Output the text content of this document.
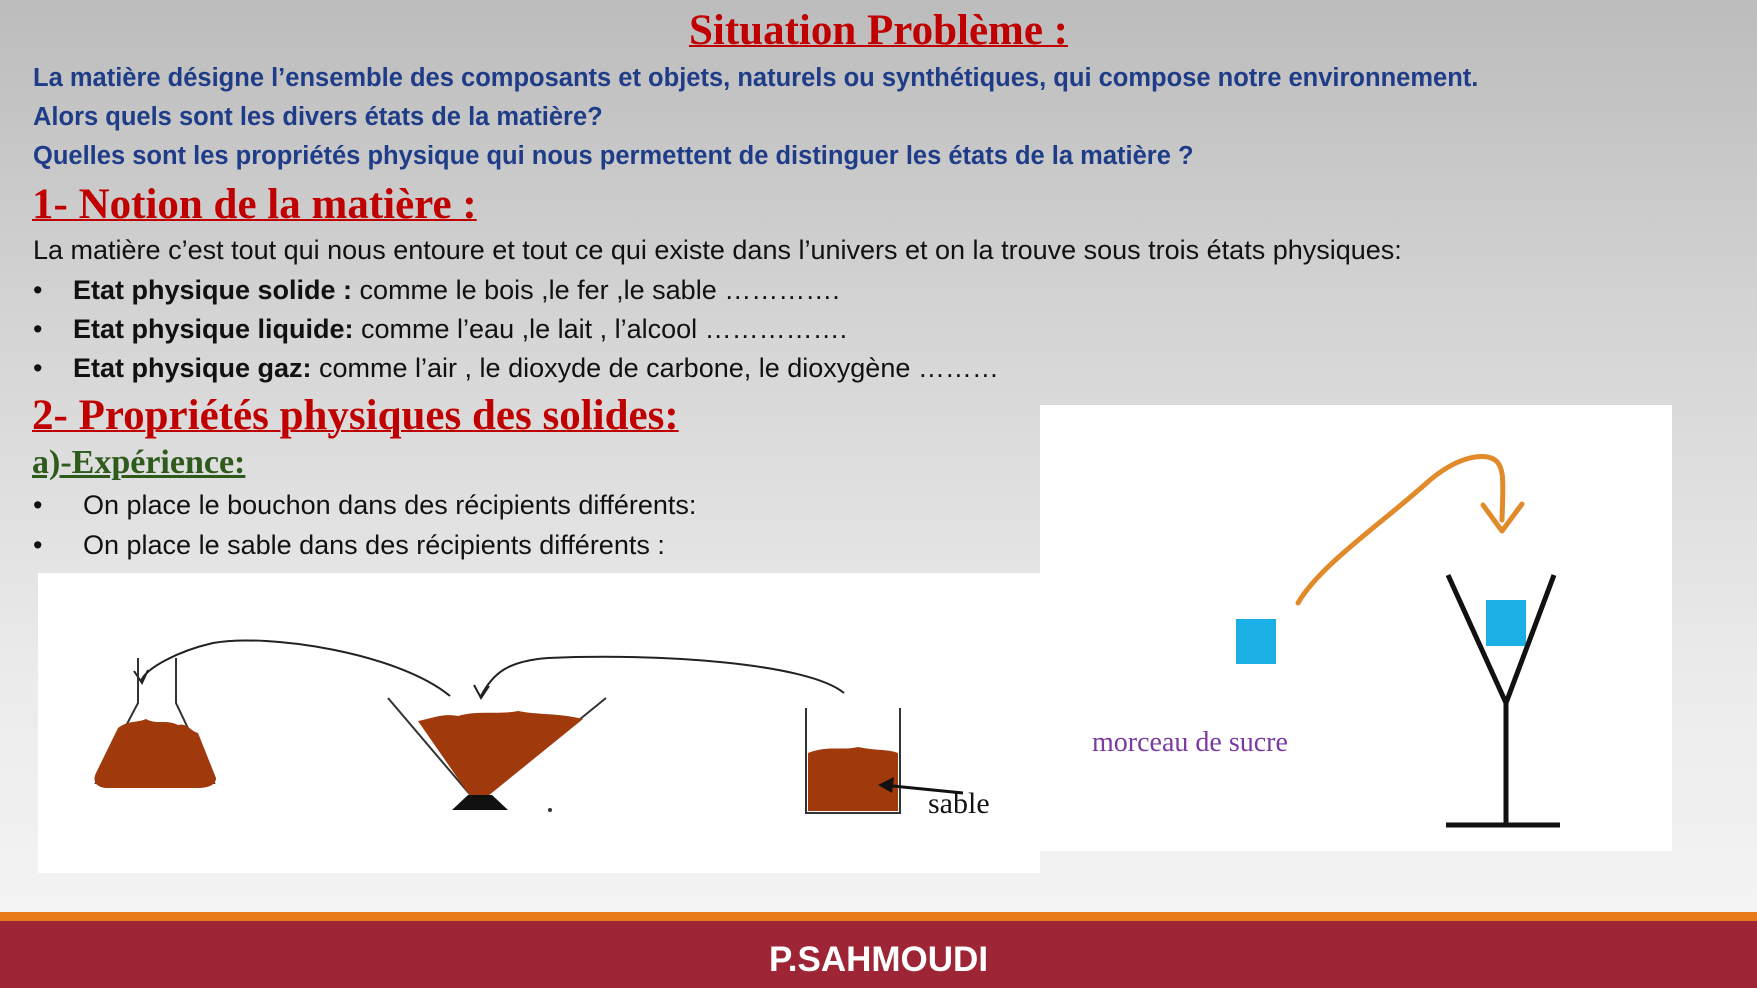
Situation Problème :
La matière désigne l’ensemble des composants et objets, naturels ou synthétiques, qui compose notre environnement.
Alors quels sont les divers états de la matière?
Quelles sont les propriétés physique qui nous permettent de distinguer les états de la matière ?
1- Notion de la matière :
La matière c’est tout qui nous entoure et tout ce qui existe dans l’univers et on la trouve sous trois états physiques:
• Etat physique solide : comme le bois ,le fer ,le sable ………….
• Etat physique liquide: comme l’eau ,le lait , l’alcool …………….
• Etat physique gaz: comme l’air , le dioxyde de carbone, le dioxygène ………
2- Propriétés physiques des solides:
a)-Expérience:
• On place le bouchon dans des récipients différents:
• On place le sable dans des récipients différents :
sable
morceau de sucre
P.SAHMOUDI
